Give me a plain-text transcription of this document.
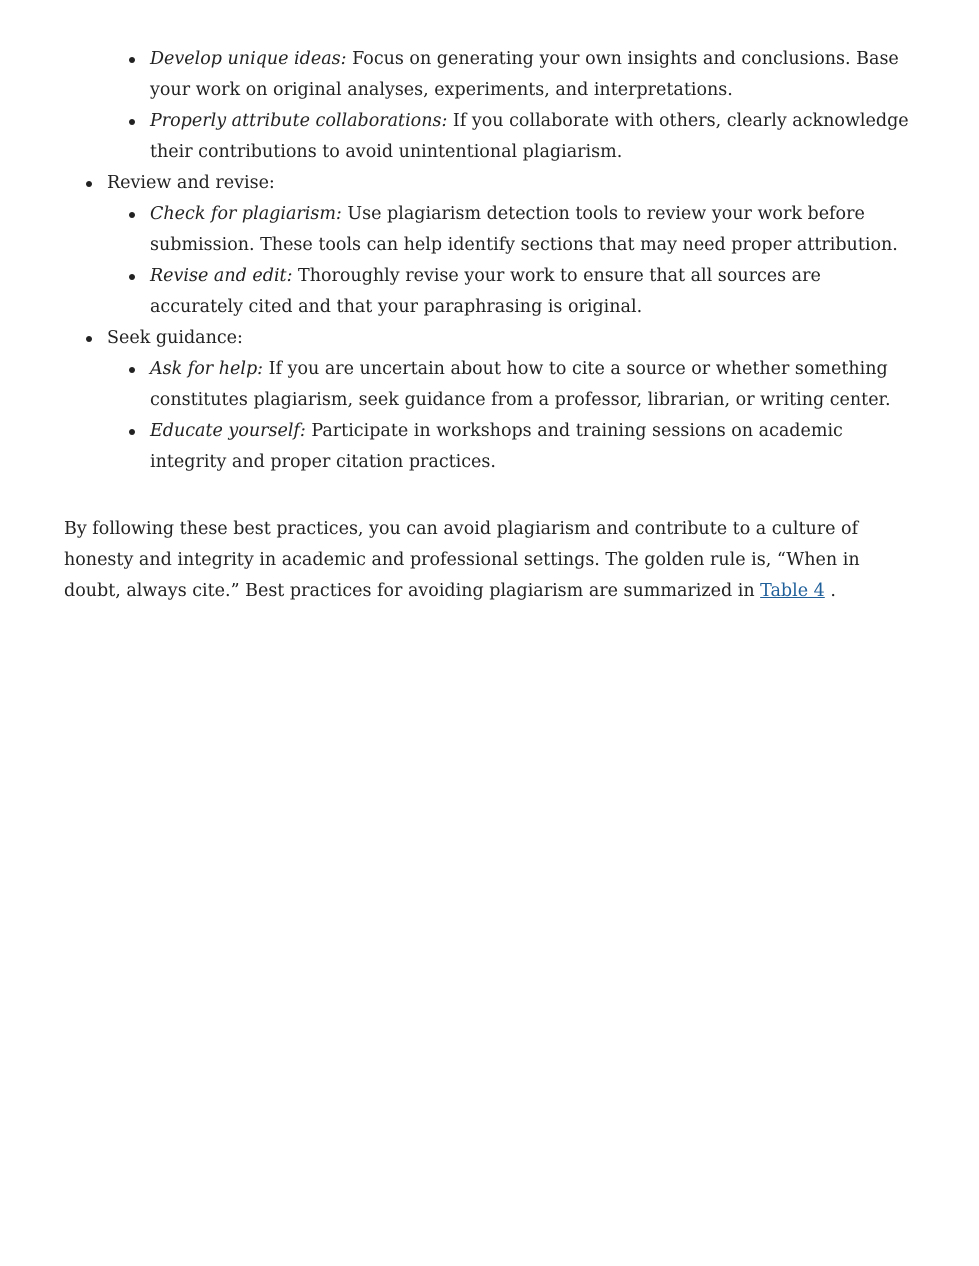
Develop unique ideas: Focus on generating your own insights and conclusions. Base your work on original analyses, experiments, and interpretations.
Properly attribute collaborations: If you collaborate with others, clearly acknowledge their contributions to avoid unintentional plagiarism.
Review and revise:
Check for plagiarism: Use plagiarism detection tools to review your work before submission. These tools can help identify sections that may need proper attribution.
Revise and edit: Thoroughly revise your work to ensure that all sources are accurately cited and that your paraphrasing is original.
Seek guidance:
Ask for help: If you are uncertain about how to cite a source or whether something constitutes plagiarism, seek guidance from a professor, librarian, or writing center.
Educate yourself: Participate in workshops and training sessions on academic integrity and proper citation practices.

By following these best practices, you can avoid plagiarism and contribute to a culture of honesty and integrity in academic and professional settings. The golden rule is, “When in doubt, always cite.” Best practices for avoiding plagiarism are summarized in Table 4 .
